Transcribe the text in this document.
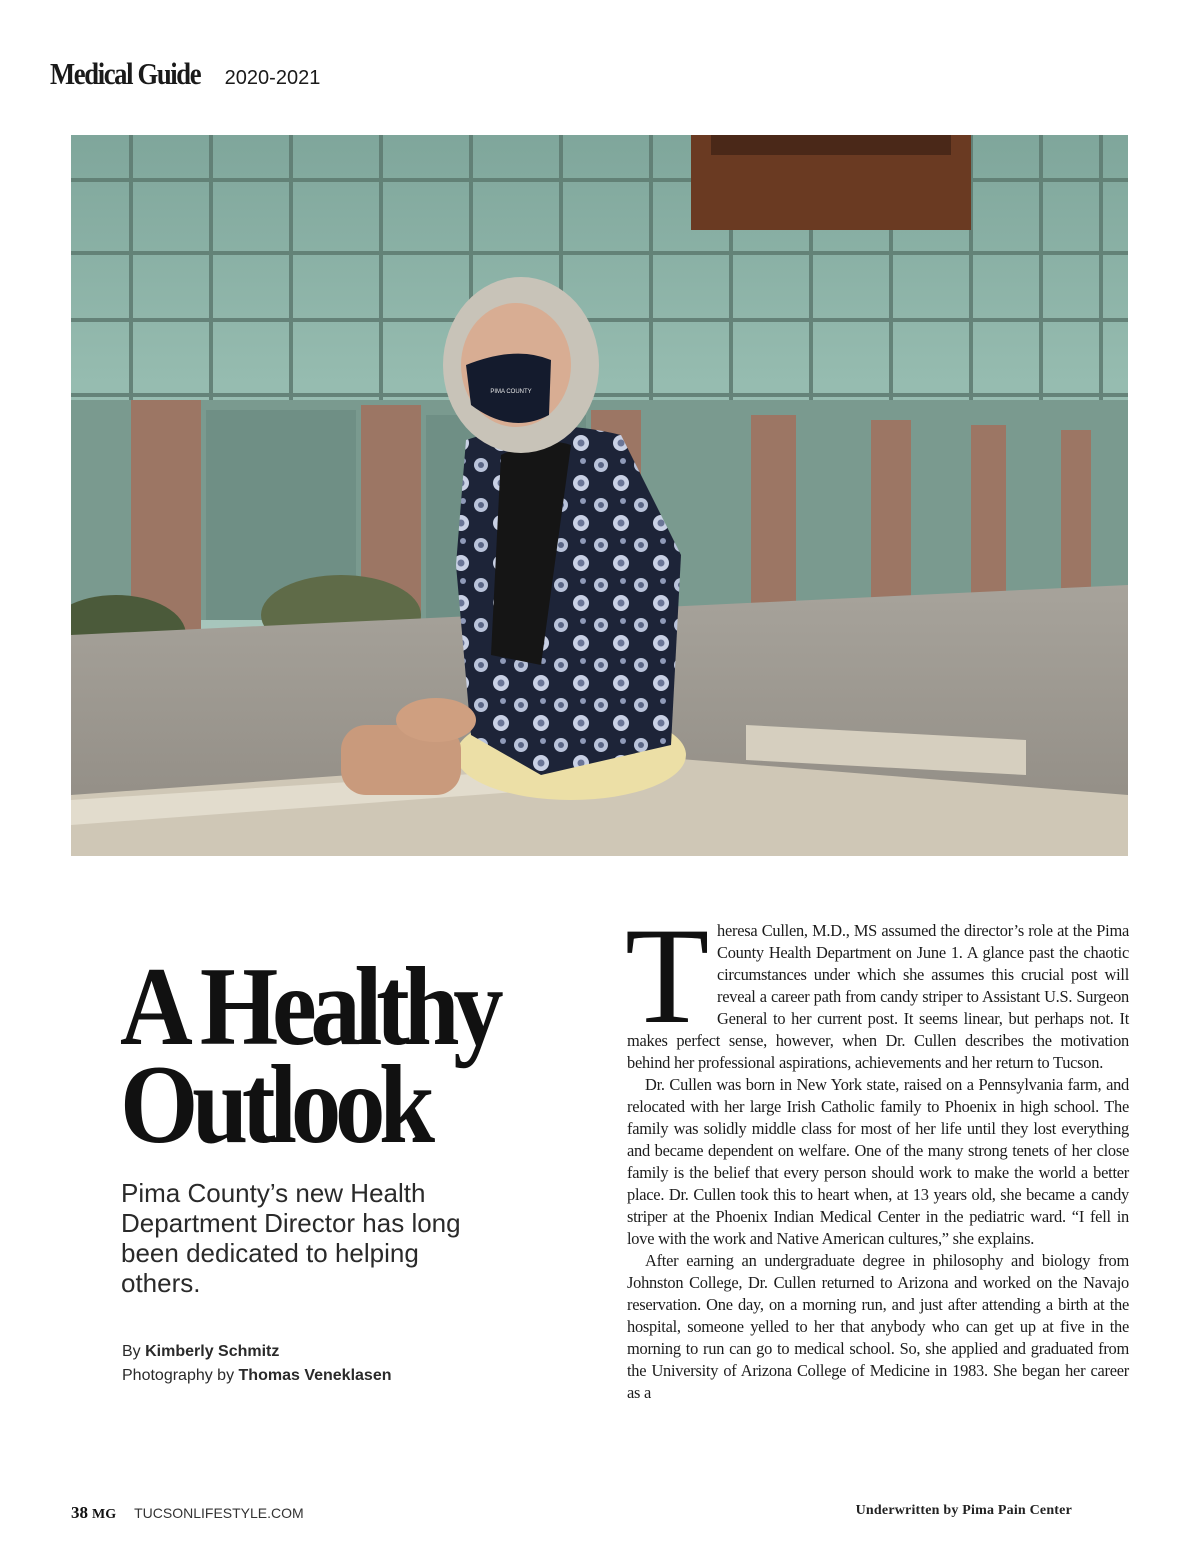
Medical Guide 2020-2021
PIMA COUNTY
A Healthy
Outlook
Pima County’s new Health Department Director has long been dedicated to helping others.
By Kimberly Schmitz
Photography by Thomas Veneklasen

Theresa Cullen, M.D., MS assumed the director’s role at the Pima County Health Department on June 1. A glance past the chaotic circumstances under which she assumes this crucial post will reveal a career path from candy striper to Assistant U.S. Surgeon General to her current post. It seems linear, but perhaps not. It makes perfect sense, however, when Dr. Cullen describes the motivation behind her professional aspirations, achievements and her return to Tucson.

Dr. Cullen was born in New York state, raised on a Pennsylvania farm, and relocated with her large Irish Catholic family to Phoenix in high school. The family was solidly middle class for most of her life until they lost everything and became dependent on welfare. One of the many strong tenets of her close family is the belief that every person should work to make the world a better place. Dr. Cullen took this to heart when, at 13 years old, she became a candy striper at the Phoenix Indian Medical Center in the pediatric ward. “I fell in love with the work and Native American cultures,” she explains.

After earning an undergraduate degree in philosophy and biology from Johnston College, Dr. Cullen returned to Arizona and worked on the Navajo reservation. One day, on a morning run, and just after attending a birth at the hospital, someone yelled to her that anybody who can get up at five in the morning to run can go to medical school. So, she applied and graduated from the University of Arizona College of Medicine in 1983. She began her career as a

38 MG TUCSONLIFESTYLE.COM	Underwritten by Pima Pain Center
